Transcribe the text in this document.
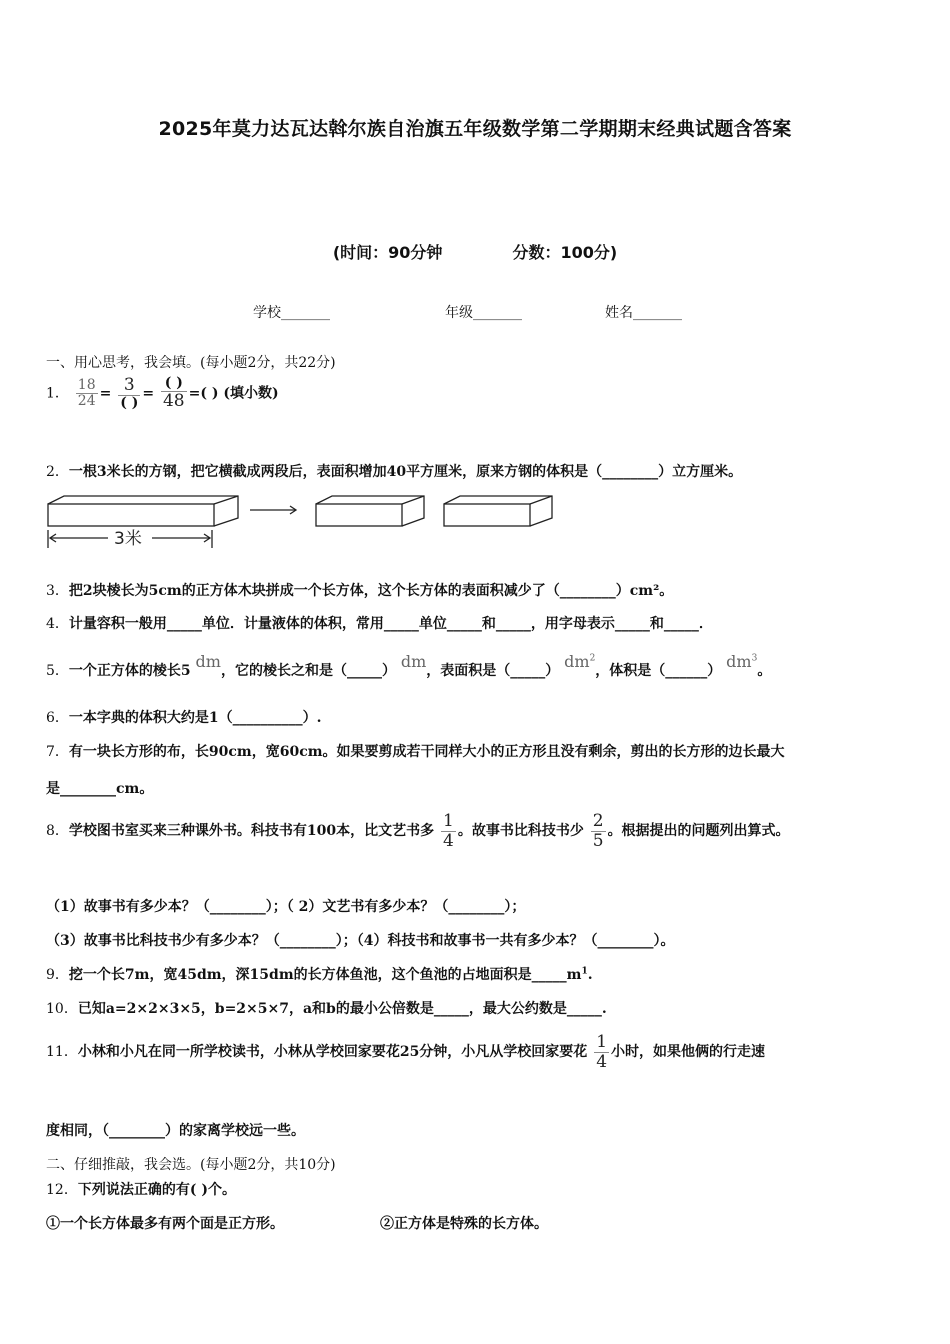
2025年莫力达瓦达斡尔族自治旗五年级数学第二学期期末经典试题含答案
(时间：90分钟	分数：100分)
学校_______	年级_______	姓名_______
一、用心思考，我会填。(每小题2分，共22分)
1． $\frac{18}{24} = \frac{3}{( )} = \frac{( )}{48}$ =( ) (填小数)
2．一根3米长的方钢，把它横截成两段后，表面积增加40平方厘米，原来方钢的体积是（________）立方厘米。
3米
3．把2块棱长为5cm的正方体木块拼成一个长方体，这个长方体的表面积减少了（________）cm²。
4．计量容积一般用_____单位．计量液体的体积，常用_____单位_____和_____，用字母表示_____和_____．
5．一个正方体的棱长5 dm，它的棱长之和是（_____） dm，表面积是（_____） $dm^2$，体积是（______） $dm^3$。
6．一本字典的体积大约是1（__________）.
7．有一块长方形的布，长90cm，宽60cm。如果要剪成若干同样大小的正方形且没有剩余，剪出的长方形的边长最大
是________cm。
8．学校图书室买来三种课外书。科技书有100本，比文艺书多 $\frac{1}{4}$ 。故事书比科技书少 $\frac{2}{5}$ 。根据提出的问题列出算式。
（1）故事书有多少本？（________）；（ 2）文艺书有多少本？（________）；
（3）故事书比科技书少有多少本？（________）；（4）科技书和故事书一共有多少本？（________）。
9．挖一个长7m，宽45dm，深15dm的长方体鱼池，这个鱼池的占地面积是$\_\_\_\_\_m^1$.
10．已知a=2×2×3×5，b=2×5×7，a和b的最小公倍数是_____，最大公约数是_____.
11．小林和小凡在同一所学校读书，小林从学校回家要花25分钟，小凡从学校回家要花 $\frac{1}{4}$ 小时，如果他俩的行走速
度相同，（________）的家离学校远一些。
二、仔细推敲，我会选。(每小题2分，共10分)
12．下列说法正确的有( )个。
①一个长方体最多有两个面是正方形。	②正方体是特殊的长方体。
